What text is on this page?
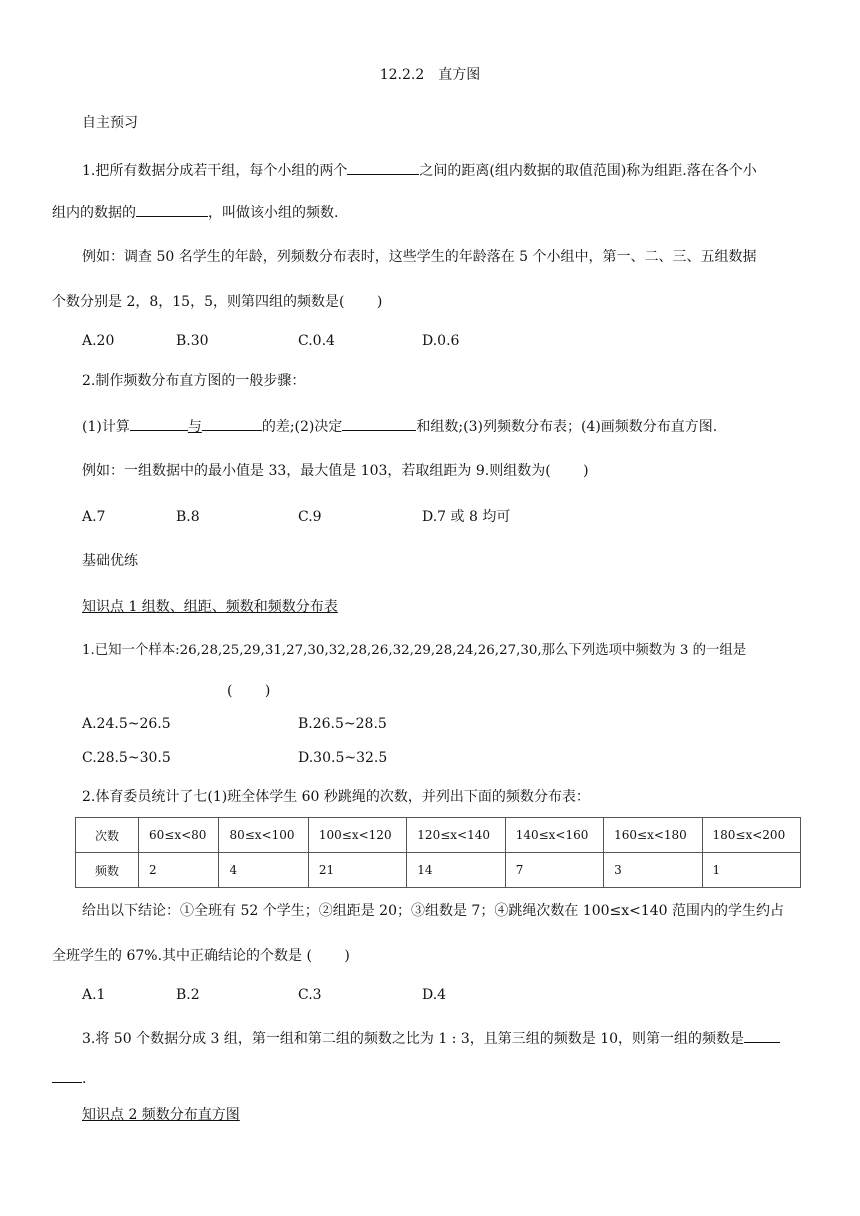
12.2.2　直方图
自主预习
1.把所有数据分成若干组，每个小组的两个	之间的距离(组内数据的取值范围)称为组距.落在各个小
组内的数据的	，叫做该小组的频数.
例如：调查 50 名学生的年龄，列频数分布表时，这些学生的年龄落在 5 个小组中，第一、二、三、五组数据
个数分别是 2，8，15，5，则第四组的频数是(　　 )
A.20	B.30	C.0.4	D.0.6
2.制作频数分布直方图的一般步骤：
(1)计算	与	的差;(2)决定	和组数;(3)列频数分布表；(4)画频数分布直方图.
例如：一组数据中的最小值是 33，最大值是 103，若取组距为 9.则组数为(　　 )
A.7	B.8	C.9	D.7 或 8 均可
基础优练
知识点 1 组数、组距、频数和频数分布表
1.已知一个样本:26,28,25,29,31,27,30,32,28,26,32,29,28,24,26,27,30,那么下列选项中频数为 3 的一组是
(　　 )
A.24.5~26.5	B.26.5~28.5
C.28.5~30.5	D.30.5~32.5
2.体育委员统计了七(1)班全体学生 60 秒跳绳的次数，并列出下面的频数分布表：
次数	60≤x<80	80≤x<100	100≤x<120	120≤x<140	140≤x<160	160≤x<180	180≤x<200
频数	2	4	21	14	7	3	1
给出以下结论：①全班有 52 个学生；②组距是 20；③组数是 7；④跳绳次数在 100≤x<140 范围内的学生约占
全班学生的 67%.其中正确结论的个数是 (　　 )
A.1	B.2	C.3	D.4
3.将 50 个数据分成 3 组，第一组和第二组的频数之比为 1 : 3，且第三组的频数是 10，则第一组的频数是
.
知识点 2 频数分布直方图
